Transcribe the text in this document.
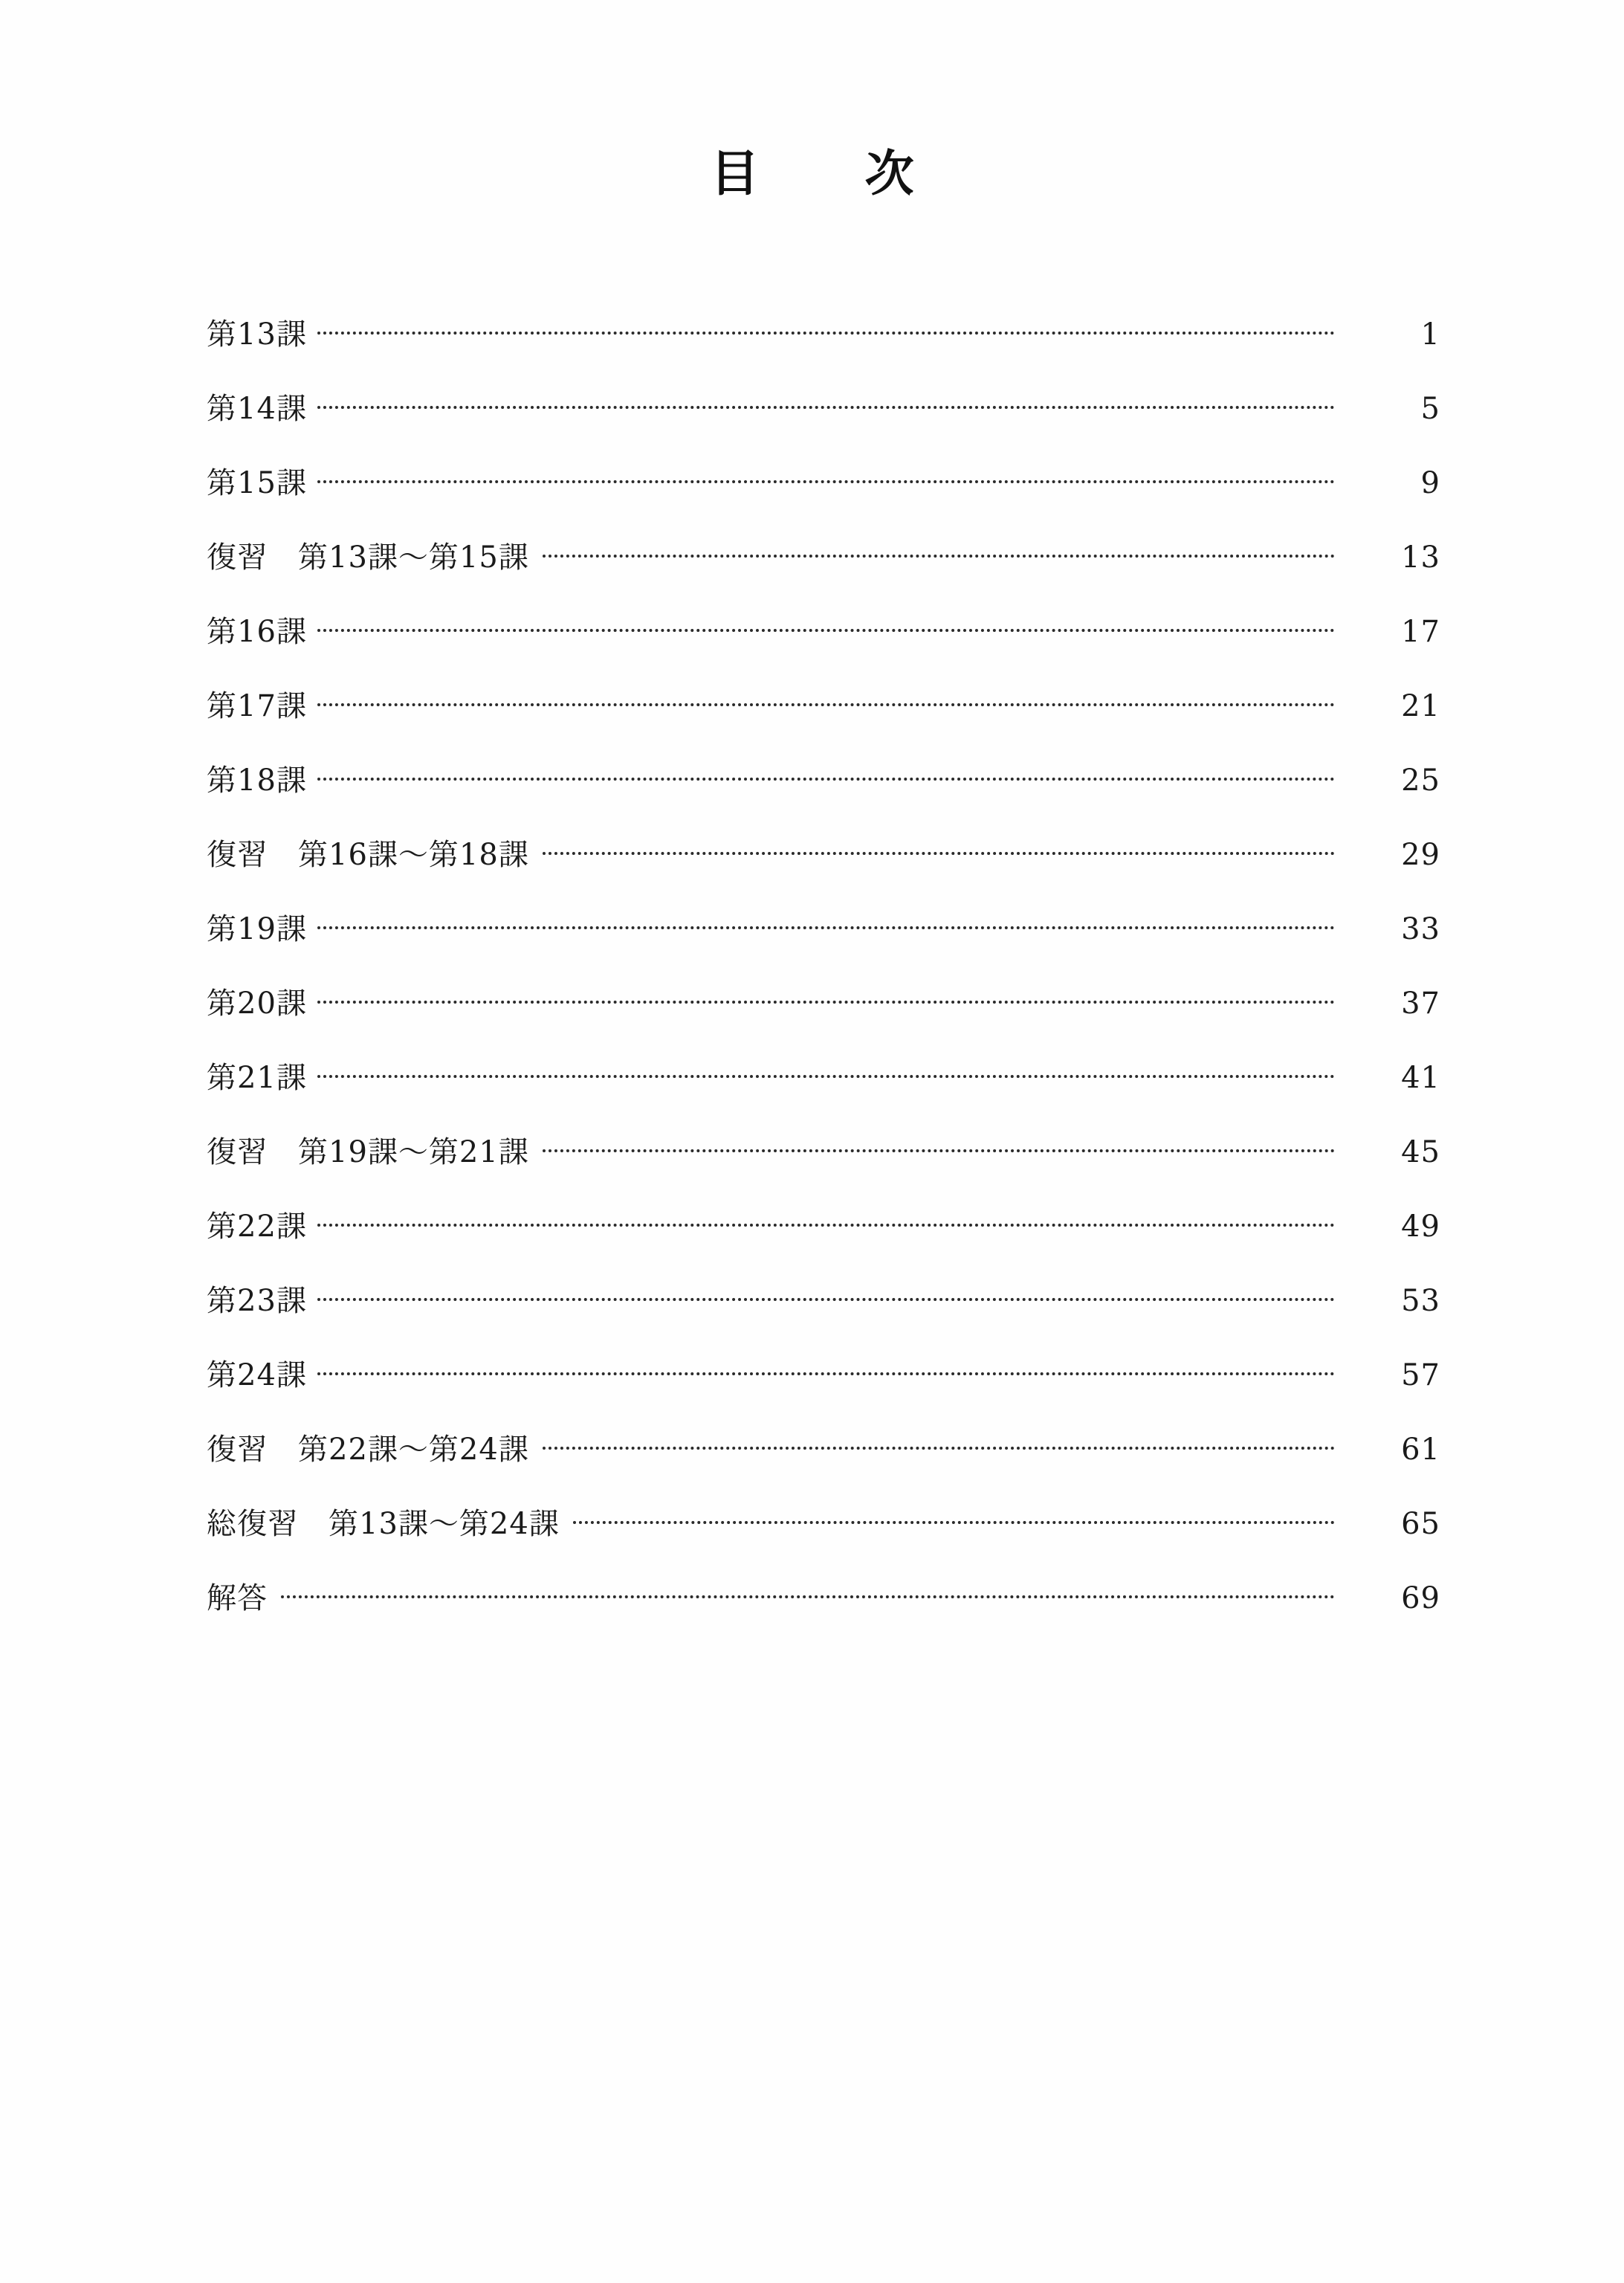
目　次
第13課	1
第14課	5
第15課	9
復習　第13課〜第15課	13
第16課	17
第17課	21
第18課	25
復習　第16課〜第18課	29
第19課	33
第20課	37
第21課	41
復習　第19課〜第21課	45
第22課	49
第23課	53
第24課	57
復習　第22課〜第24課	61
総復習　第13課〜第24課	65
解答	69
